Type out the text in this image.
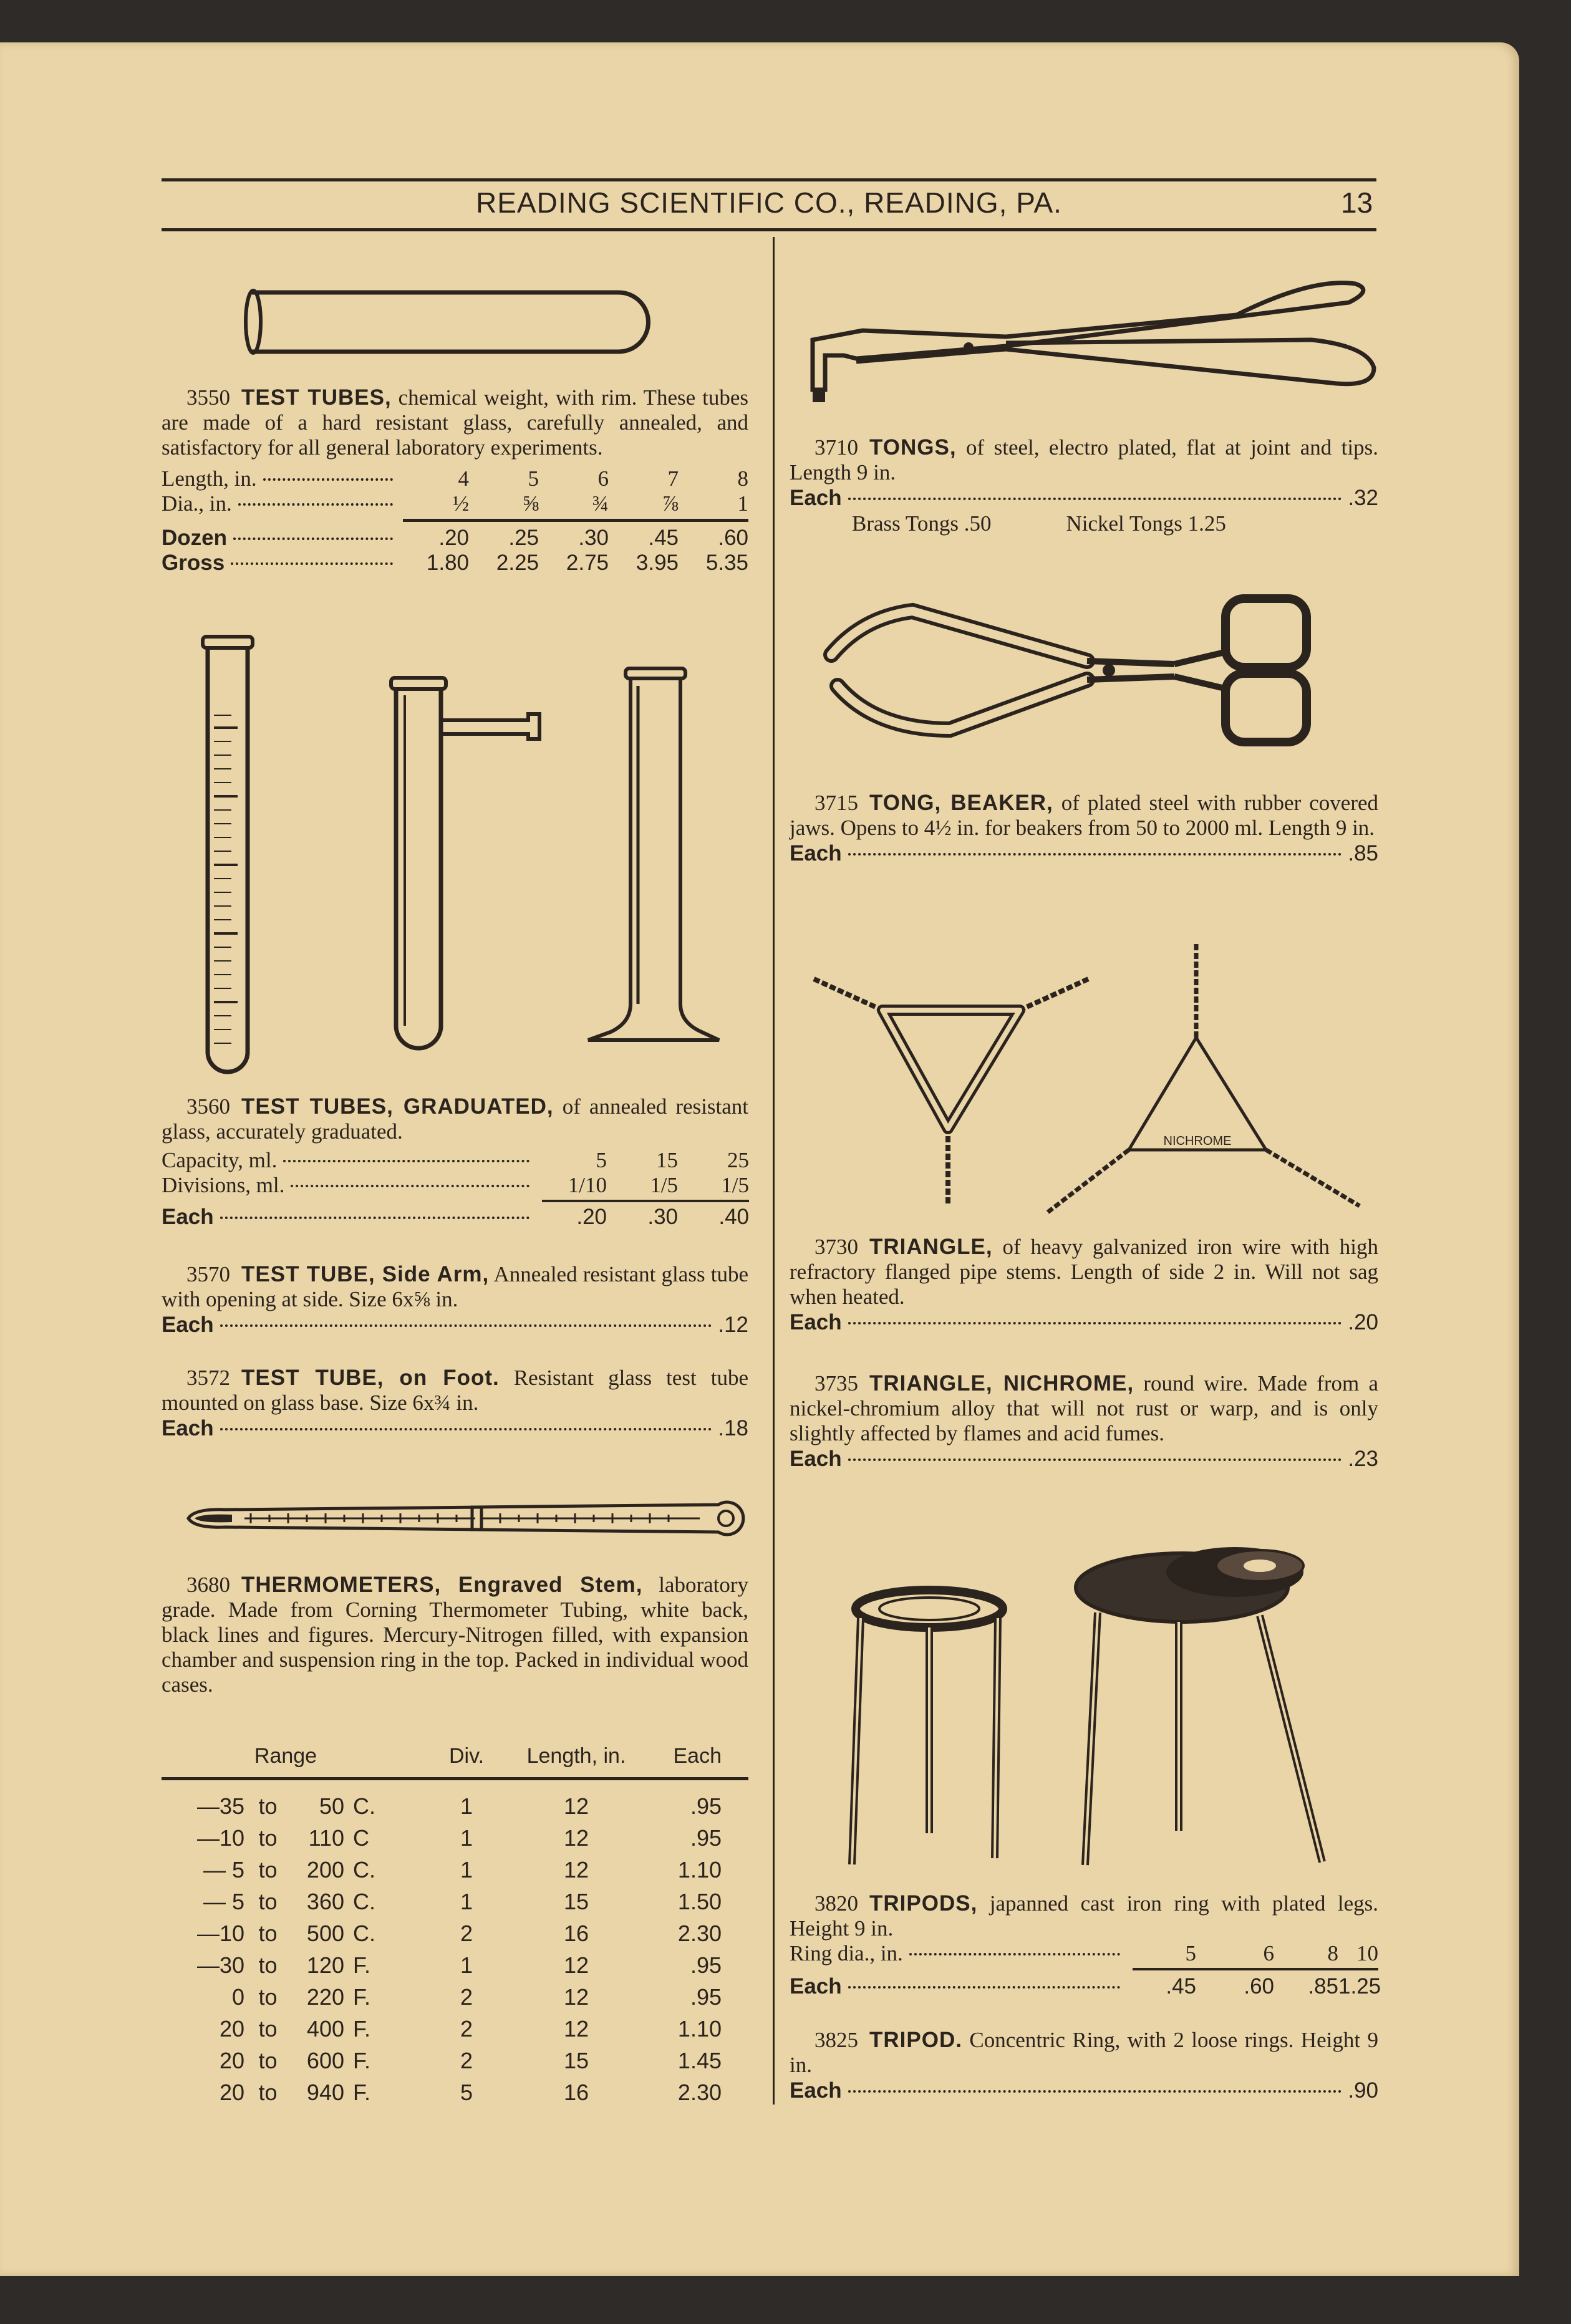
READING SCIENTIFIC CO., READING, PA.	13
3550 TEST TUBES, chemical weight, with rim. These tubes are made of a hard resistant glass, carefully annealed, and satisfactory for all general laboratory experiments.
Length, in.	4	5	6	7	8
Dia., in.	½	⅝	¾	⅞	1
Dozen	.20	.25	.30	.45	.60
Gross	1.80	2.25	2.75	3.95	5.35
3560 TEST TUBES, GRADUATED, of annealed resistant glass, accurately graduated.
Capacity, ml.	5	15	25
Divisions, ml.	1/10	1/5	1/5
Each	.20	.30	.40
3570 TEST TUBE, Side Arm, Annealed resistant glass tube with opening at side. Size 6x⅝ in.
Each	.12
3572 TEST TUBE, on Foot. Resistant glass test tube mounted on glass base. Size 6x¾ in.
Each	.18
3680 THERMOMETERS, Engraved Stem, laboratory grade. Made from Corning Thermometer Tubing, white back, black lines and figures. Mercury-Nitrogen filled, with expansion chamber and suspension ring in the top. Packed in individual wood cases.
Range	Div.	Length, in.	Each
—35 to	50 C.	1	12	.95
—10 to	110 C	1	12	.95
— 5 to	200 C.	1	12	1.10
— 5 to	360 C.	1	15	1.50
—10 to	500 C.	2	16	2.30
—30 to	120 F.	1	12	.95
0 to	220 F.	2	12	.95
20 to	400 F.	2	12	1.10
20 to	600 F.	2	15	1.45
20 to	940 F.	5	16	2.30
3710 TONGS, of steel, electro plated, flat at joint and tips. Length 9 in.
Each	.32
Brass Tongs .50	Nickel Tongs 1.25
3715 TONG, BEAKER, of plated steel with rubber covered jaws. Opens to 4½ in. for beakers from 50 to 2000 ml. Length 9 in.
Each	.85
NICHROME
3730 TRIANGLE, of heavy galvanized iron wire with high refractory flanged pipe stems. Length of side 2 in. Will not sag when heated.
Each	.20
3735 TRIANGLE, NICHROME, round wire. Made from a nickel-chromium alloy that will not rust or warp, and is only slightly affected by flames and acid fumes.
Each	.23
3820 TRIPODS, japanned cast iron ring with plated legs. Height 9 in.
Ring dia., in.	5	6	8 10
Each	.45	.60	.85 1.25
3825 TRIPOD. Concentric Ring, with 2 loose rings. Height 9 in.
Each	.90
